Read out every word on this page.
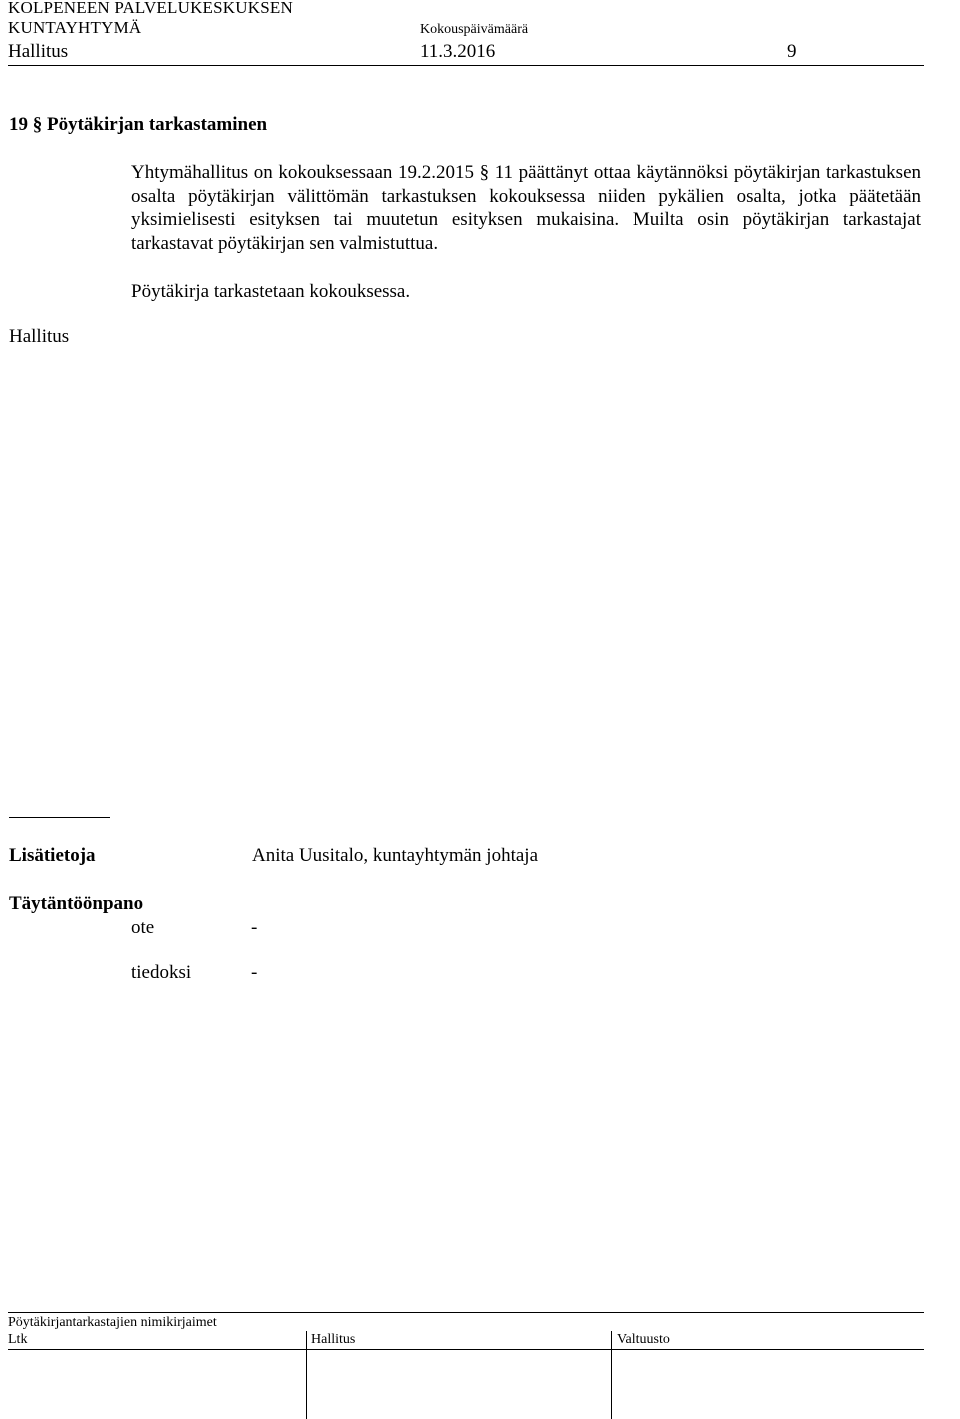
KOLPENEEN PALVELUKESKUKSEN
KUNTAYHTYMÄ	Kokouspäivämäärä
Hallitus	11.3.2016	9
19 § Pöytäkirjan tarkastaminen
Yhtymähallitus on kokouksessaan 19.2.2015 § 11 päättänyt ottaa käytännöksi pöytäkirjan tarkastuksen osalta pöytäkirjan välittömän tarkastuksen kokouksessa niiden pykälien osalta, jotka päätetään yksimielisesti esityksen tai muutetun esityksen mukaisina. Muilta osin pöytäkirjan tarkastajat tarkastavat pöytäkirjan sen valmistuttua.
Pöytäkirja tarkastetaan kokouksessa.
Hallitus
Lisätietoja	Anita Uusitalo, kuntayhtymän johtaja
Täytäntöönpano
ote	-
tiedoksi	-
Pöytäkirjantarkastajien nimikirjaimet
Ltk	Hallitus	Valtuusto
